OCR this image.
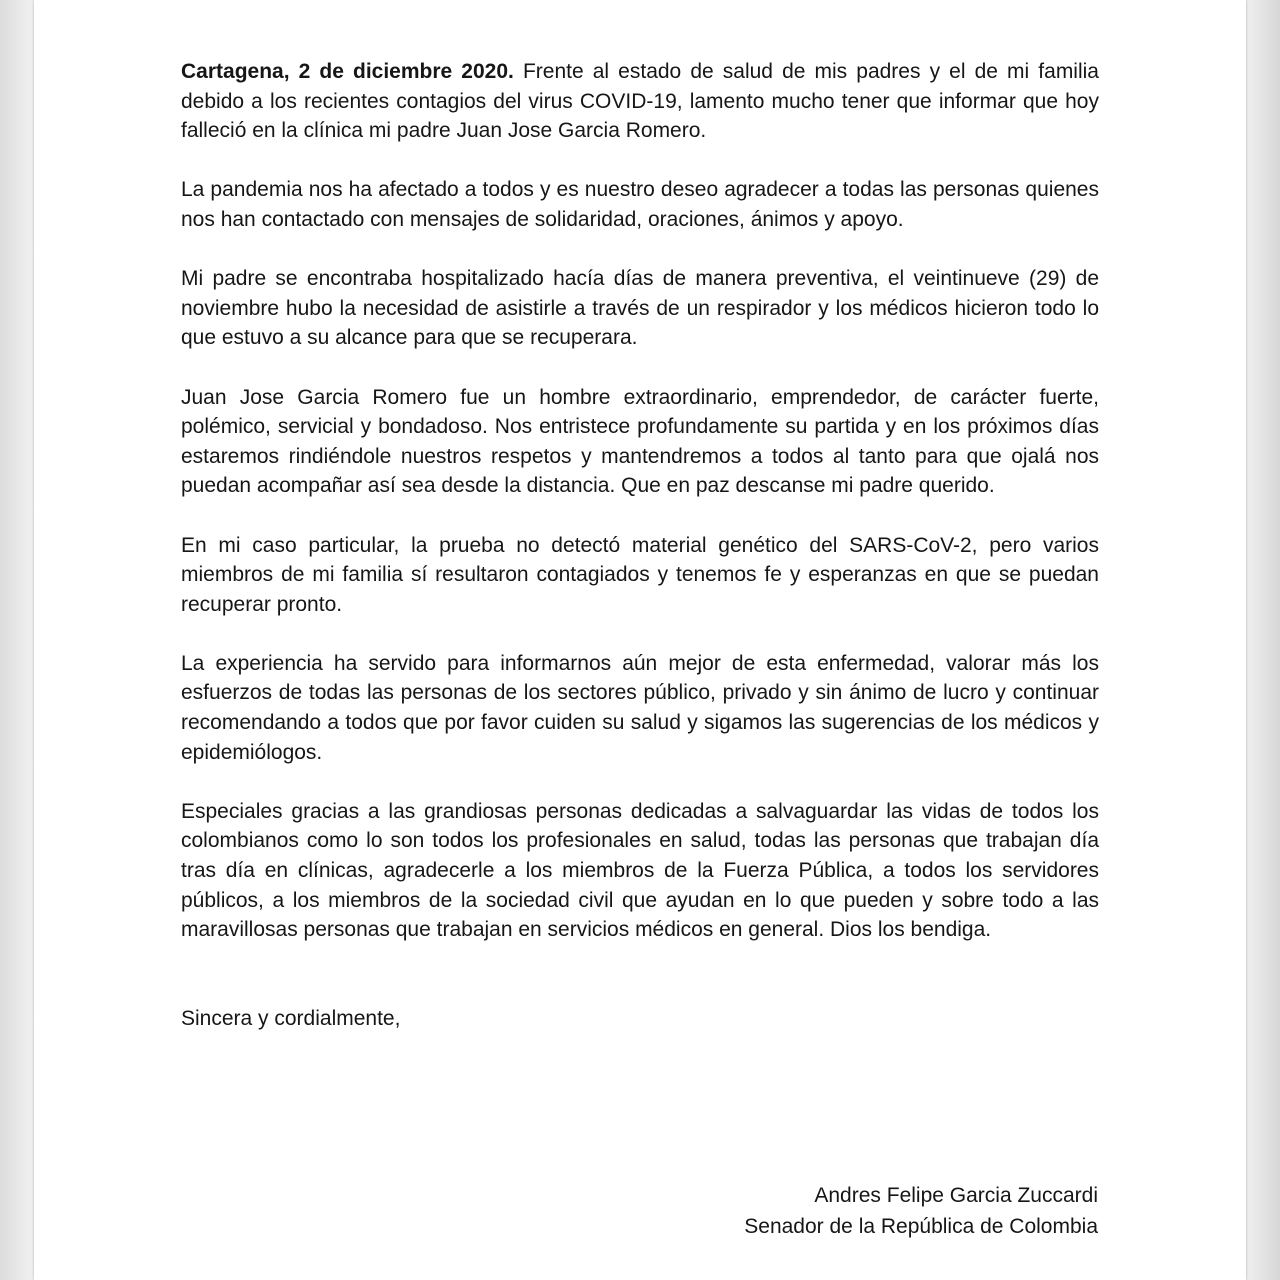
Cartagena, 2 de diciembre 2020. Frente al estado de salud de mis padres y el de mi familia debido a los recientes contagios del virus COVID-19, lamento mucho tener que informar que hoy falleció en la clínica mi padre Juan Jose Garcia Romero.

La pandemia nos ha afectado a todos y es nuestro deseo agradecer a todas las personas quienes nos han contactado con mensajes de solidaridad, oraciones, ánimos y apoyo.

Mi padre se encontraba hospitalizado hacía días de manera preventiva, el veintinueve (29) de noviembre hubo la necesidad de asistirle a través de un respirador y los médicos hicieron todo lo que estuvo a su alcance para que se recuperara.

Juan Jose Garcia Romero fue un hombre extraordinario, emprendedor, de carácter fuerte, polémico, servicial y bondadoso. Nos entristece profundamente su partida y en los próximos días estaremos rindiéndole nuestros respetos y mantendremos a todos al tanto para que ojalá nos puedan acompañar así sea desde la distancia. Que en paz descanse mi padre querido.

En mi caso particular, la prueba no detectó material genético del SARS-CoV-2, pero varios miembros de mi familia sí resultaron contagiados y tenemos fe y esperanzas en que se puedan recuperar pronto.

La experiencia ha servido para informarnos aún mejor de esta enfermedad, valorar más los esfuerzos de todas las personas de los sectores público, privado y sin ánimo de lucro y continuar recomendando a todos que por favor cuiden su salud y sigamos las sugerencias de los médicos y epidemiólogos.

Especiales gracias a las grandiosas personas dedicadas a salvaguardar las vidas de todos los colombianos como lo son todos los profesionales en salud, todas las personas que trabajan día tras día en clínicas, agradecerle a los miembros de la Fuerza Pública, a todos los servidores públicos, a los miembros de la sociedad civil que ayudan en lo que pueden y sobre todo a las maravillosas personas que trabajan en servicios médicos en general. Dios los bendiga.

Sincera y cordialmente,

Andres Felipe Garcia Zuccardi
Senador de la República de Colombia
